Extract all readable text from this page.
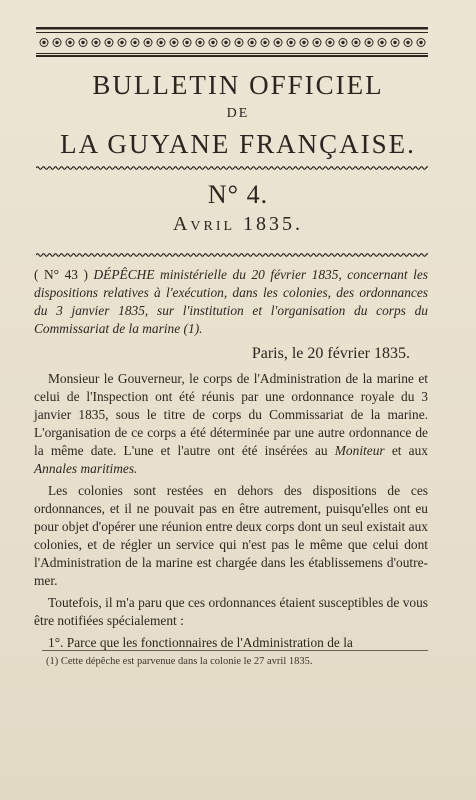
BULLETIN OFFICIEL
DE
LA GUYANE FRANÇAISE.
N° 4.
Avril 1835.

( N° 43 ) DÉPÊCHE ministérielle du 20 février 1835, concernant les dispositions relatives à l'exécution, dans les colonies, des ordonnances du 3 janvier 1835, sur l'institution et l'organisation du corps du Commissariat de la marine (1).

Paris, le 20 février 1835.

Monsieur le Gouverneur, le corps de l'Administration de la marine et celui de l'Inspection ont été réunis par une ordonnance royale du 3 janvier 1835, sous le titre de corps du Commissariat de la marine. L'organisation de ce corps a été déterminée par une autre ordonnance de la même date. L'une et l'autre ont été insérées au Moniteur et aux Annales maritimes.

Les colonies sont restées en dehors des dispositions de ces ordonnances, et il ne pouvait pas en être autrement, puisqu'elles ont eu pour objet d'opérer une réunion entre deux corps dont un seul existait aux colonies, et de régler un service qui n'est pas le même que celui dont l'Administration de la marine est chargée dans les établissemens d'outre-mer.

Toutefois, il m'a paru que ces ordonnances étaient susceptibles de vous être notifiées spécialement :

1°. Parce que les fonctionnaires de l'Administration de la

(1) Cette dépêche est parvenue dans la colonie le 27 avril 1835.
